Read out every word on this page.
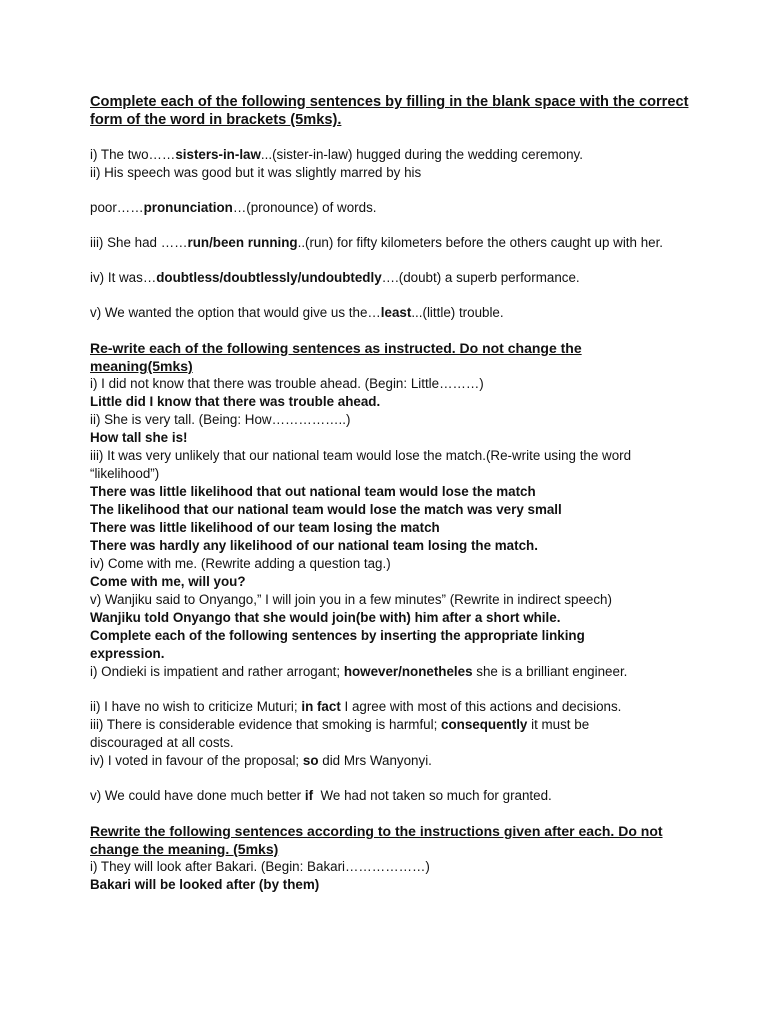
Complete each of the following sentences by filling in the blank space with the correct form of the word in brackets (5mks).
i) The two……sisters-in-law...(sister-in-law) hugged during the wedding ceremony.
ii) His speech was good but it was slightly marred by his
poor……pronunciation…(pronounce) of words.
iii) She had ……run/been running..(run) for fifty kilometers before the others caught up with her.
iv) It was…doubtless/doubtlessly/undoubtedly….(doubt) a superb performance.
v) We wanted the option that would give us the…least...(little) trouble.
Re-write each of the following sentences as instructed. Do not change the meaning(5mks)
i) I did not know that there was trouble ahead. (Begin: Little………)
Little did I know that there was trouble ahead.
ii) She is very tall. (Being: How……………..)
How tall she is!
iii) It was very unlikely that our national team would lose the match.(Re-write using the word “likelihood”)
There was little likelihood that out national team would lose the match
The likelihood that our national team would lose the match was very small
There was little likelihood of our team losing the match
There was hardly any likelihood of our national team losing the match.
iv) Come with me. (Rewrite adding a question tag.)
Come with me, will you?
v) Wanjiku said to Onyango,” I will join you in a few minutes” (Rewrite in indirect speech)
Wanjiku told Onyango that she would join(be with) him after a short while.
Complete each of the following sentences by inserting the appropriate linking expression.
i) Ondieki is impatient and rather arrogant; however/nonetheles she is a brilliant engineer.
ii) I have no wish to criticize Muturi; in fact I agree with most of this actions and decisions.
iii) There is considerable evidence that smoking is harmful; consequently it must be discouraged at all costs.
iv) I voted in favour of the proposal; so did Mrs Wanyonyi.
v) We could have done much better if  We had not taken so much for granted.
Rewrite the following sentences according to the instructions given after each. Do not change the meaning. (5mks)
i) They will look after Bakari. (Begin: Bakari………………)
Bakari will be looked after (by them)
